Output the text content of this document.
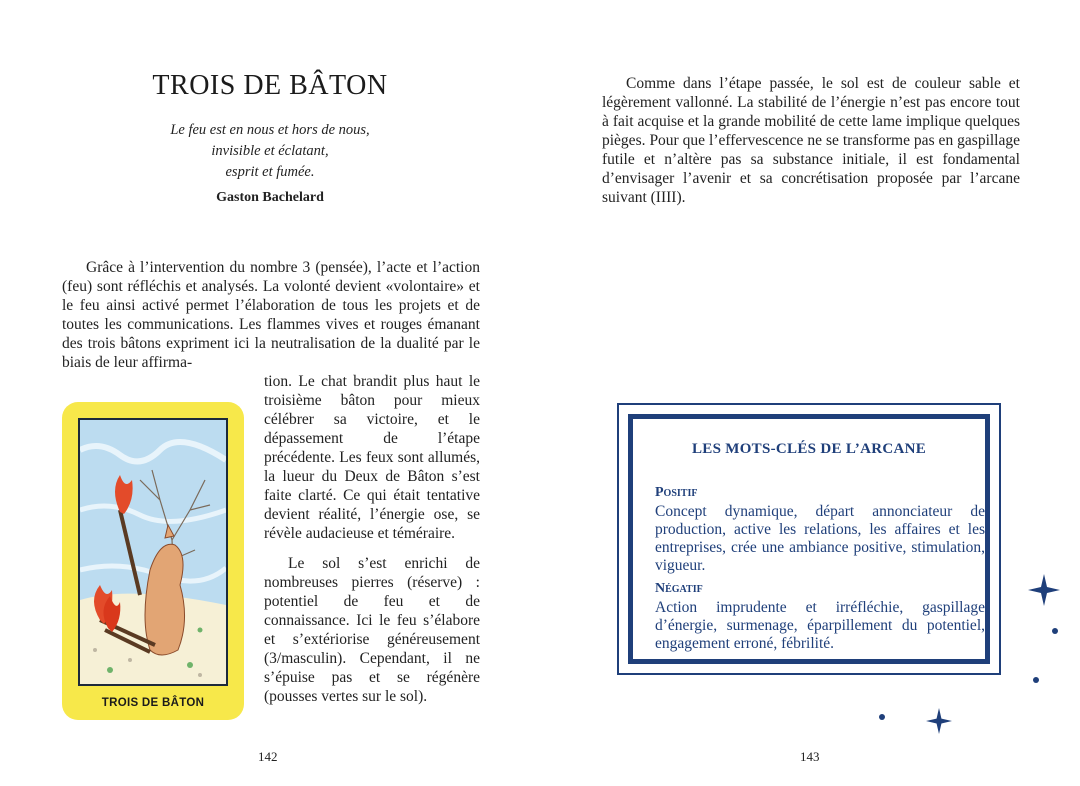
TROIS DE BÂTON
Le feu est en nous et hors de nous,
invisible et éclatant,
esprit et fumée.
Gaston Bachelard

Grâce à l’intervention du nombre 3 (pensée), l’acte et l’action (feu) sont réfléchis et analysés. La volonté devient «volontaire» et le feu ainsi activé permet l’élaboration de tous les projets et de toutes les communications. Les flammes vives et rouges émanant des trois bâtons expriment ici la neutralisation de la dualité par le biais de leur affirma-

tion. Le chat brandit plus haut le troisième bâton pour mieux célébrer sa victoire, et le dépassement de l’étape précédente. Les feux sont allumés, la lueur du Deux de Bâton s’est faite clarté. Ce qui était tentative devient réalité, l’énergie ose, se révèle audacieuse et téméraire.

Le sol s’est enrichi de nombreuses pierres (réserve) : potentiel de feu et de connaissance. Ici le feu s’élabore et s’extériorise généreusement (3/masculin). Cependant, il ne s’épuise pas et se régénère (pousses vertes sur le sol).

TROIS DE BÂTON
142

Comme dans l’étape passée, le sol est de couleur sable et légèrement vallonné. La stabilité de l’énergie n’est pas encore tout à fait acquise et la grande mobilité de cette lame implique quelques pièges. Pour que l’effervescence ne se transforme pas en gaspillage futile et n’altère pas sa substance initiale, il est fondamental d’envisager l’avenir et sa concrétisation proposée par l’arcane suivant (IIII).

LES MOTS-CLÉS DE L’ARCANE
Positif

Concept dynamique, départ annonciateur de production, active les relations, les affaires et les entreprises, crée une ambiance positive, stimulation, vigueur.

Négatif

Action imprudente et irréfléchie, gaspillage d’énergie, surmenage, éparpillement du potentiel, engagement erroné, fébrilité.

143
